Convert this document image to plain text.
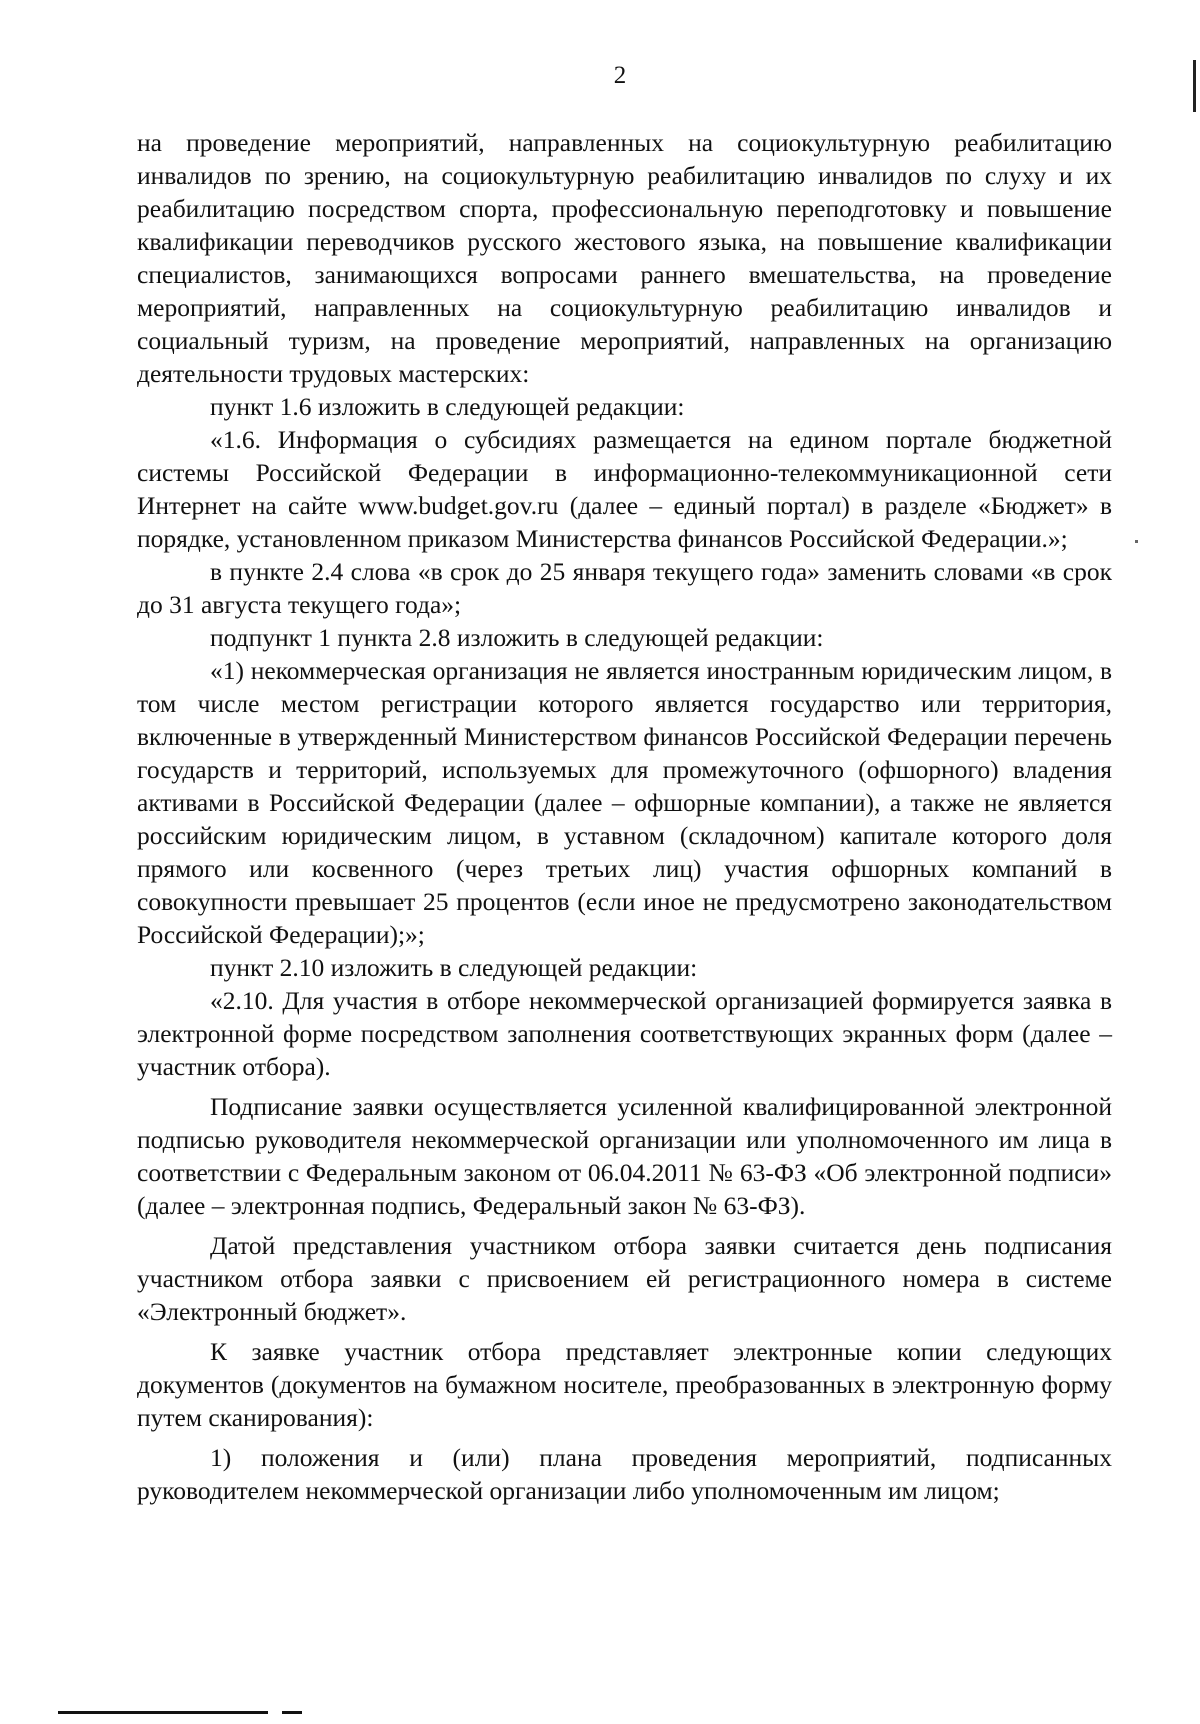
2

на проведение мероприятий, направленных на социокультурную реабилитацию инвалидов по зрению, на социокультурную реабилитацию инвалидов по слуху и их реабилитацию посредством спорта, профессиональную переподготовку и повышение квалификации переводчиков русского жестового языка, на повышение квалификации специалистов, занимающихся вопросами раннего вмешательства, на проведение мероприятий, направленных на социокультурную реабилитацию инвалидов и социальный туризм, на проведение мероприятий, направленных на организацию деятельности трудовых мастерских:

пункт 1.6 изложить в следующей редакции:

«1.6. Информация о субсидиях размещается на едином портале бюджетной системы Российской Федерации в информационно-телекоммуникационной сети Интернет на сайте www.budget.gov.ru (далее – единый портал) в разделе «Бюджет» в порядке, установленном приказом Министерства финансов Российской Федерации.»;

в пункте 2.4 слова «в срок до 25 января текущего года» заменить словами «в срок до 31 августа текущего года»;

подпункт 1 пункта 2.8 изложить в следующей редакции:

«1) некоммерческая организация не является иностранным юридическим лицом, в том числе местом регистрации которого является государство или территория, включенные в утвержденный Министерством финансов Российской Федерации перечень государств и территорий, используемых для промежуточного (офшорного) владения активами в Российской Федерации (далее – офшорные компании), а также не является российским юридическим лицом, в уставном (складочном) капитале которого доля прямого или косвенного (через третьих лиц) участия офшорных компаний в совокупности превышает 25 процентов (если иное не предусмотрено законодательством Российской Федерации);»;

пункт 2.10 изложить в следующей редакции:

«2.10. Для участия в отборе некоммерческой организацией формируется заявка в электронной форме посредством заполнения соответствующих экранных форм (далее – участник отбора).

Подписание заявки осуществляется усиленной квалифицированной электронной подписью руководителя некоммерческой организации или уполномоченного им лица в соответствии с Федеральным законом от 06.04.2011 № 63-ФЗ «Об электронной подписи» (далее – электронная подпись, Федеральный закон № 63-ФЗ).

Датой представления участником отбора заявки считается день подписания участником отбора заявки с присвоением ей регистрационного номера в системе «Электронный бюджет».

К заявке участник отбора представляет электронные копии следующих документов (документов на бумажном носителе, преобразованных в электронную форму путем сканирования):

1) положения и (или) плана проведения мероприятий, подписанных руководителем некоммерческой организации либо уполномоченным им лицом;
